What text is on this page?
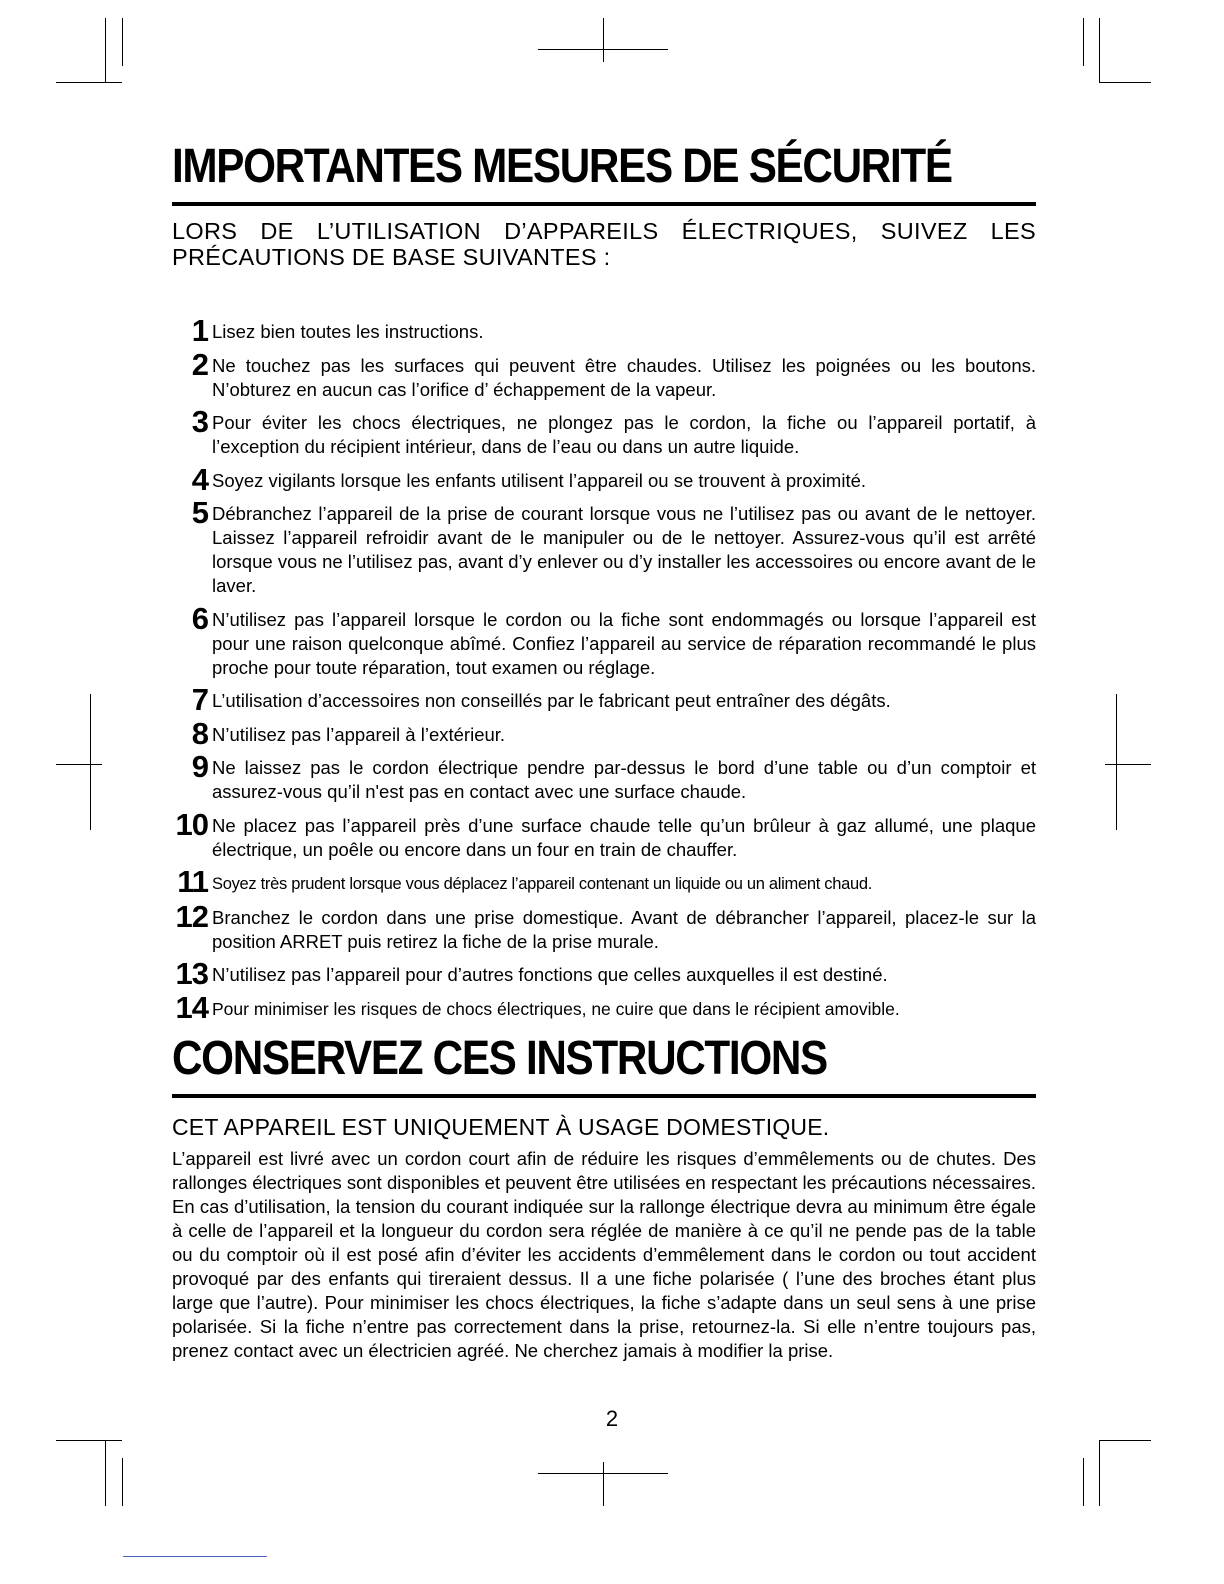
IMPORTANTES MESURES DE SÉCURITÉ

LORS DE L’UTILISATION D’APPAREILS ÉLECTRIQUES, SUIVEZ LES PRÉCAUTIONS DE BASE SUIVANTES :

1 Lisez bien toutes les instructions.
2 Ne touchez pas les surfaces qui peuvent être chaudes. Utilisez les poignées ou les boutons. N’obturez en aucun cas l’orifice d’ échappement de la vapeur.
3 Pour éviter les chocs électriques, ne plongez pas le cordon, la fiche ou l’appareil portatif, à l’exception du récipient intérieur, dans de l’eau ou dans un autre liquide.
4 Soyez vigilants lorsque les enfants utilisent l’appareil ou se trouvent à proximité.
5 Débranchez l’appareil de la prise de courant lorsque vous ne l’utilisez pas ou avant de le nettoyer. Laissez l’appareil refroidir avant de le manipuler ou de le nettoyer. Assurez-vous qu’il est arrêté lorsque vous ne l’utilisez pas, avant d’y enlever ou d’y installer les accessoires ou encore avant de le laver.
6 N’utilisez pas l’appareil lorsque le cordon ou la fiche sont endommagés ou lorsque l’appareil est pour une raison quelconque abîmé. Confiez l’appareil au service de réparation recommandé le plus proche pour toute réparation, tout examen ou réglage.
7 L’utilisation d’accessoires non conseillés par le fabricant peut entraîner des dégâts.
8 N’utilisez pas l’appareil à l’extérieur.
9 Ne laissez pas le cordon électrique pendre par-dessus le bord d’une table ou d’un comptoir et assurez-vous qu’il n'est pas en contact avec une surface chaude.
10 Ne placez pas l’appareil près d’une surface chaude telle qu’un brûleur à gaz allumé, une plaque électrique, un poêle ou encore dans un four en train de chauffer.
11 Soyez très prudent lorsque vous déplacez l’appareil contenant un liquide ou un aliment chaud.
12 Branchez le cordon dans une prise domestique. Avant de débrancher l’appareil, placez-le sur la position ARRET puis retirez la fiche de la prise murale.
13 N’utilisez pas l’appareil pour d’autres fonctions que celles auxquelles il est destiné.
14 Pour minimiser les risques de chocs électriques, ne cuire que dans le récipient amovible.
CONSERVEZ CES INSTRUCTIONS

CET APPAREIL EST UNIQUEMENT À USAGE DOMESTIQUE.

L’appareil est livré avec un cordon court afin de réduire les risques d’emmêlements ou de chutes. Des rallonges électriques sont disponibles et peuvent être utilisées en respectant les précautions nécessaires. En cas d’utilisation, la tension du courant indiquée sur la rallonge électrique devra au minimum être égale à celle de l’appareil et la longueur du cordon sera réglée de manière à ce qu’il ne pende pas de la table ou du comptoir où il est posé afin d’éviter les accidents d’emmêlement dans le cordon ou tout accident provoqué par des enfants qui tireraient dessus. Il a une fiche polarisée ( l’une des broches étant plus large que l’autre). Pour minimiser les chocs électriques, la fiche s’adapte dans un seul sens à une prise polarisée. Si la fiche n’entre pas correctement dans la prise, retournez-la. Si elle n’entre toujours pas, prenez contact avec un électricien agréé. Ne cherchez jamais à modifier la prise.

2
